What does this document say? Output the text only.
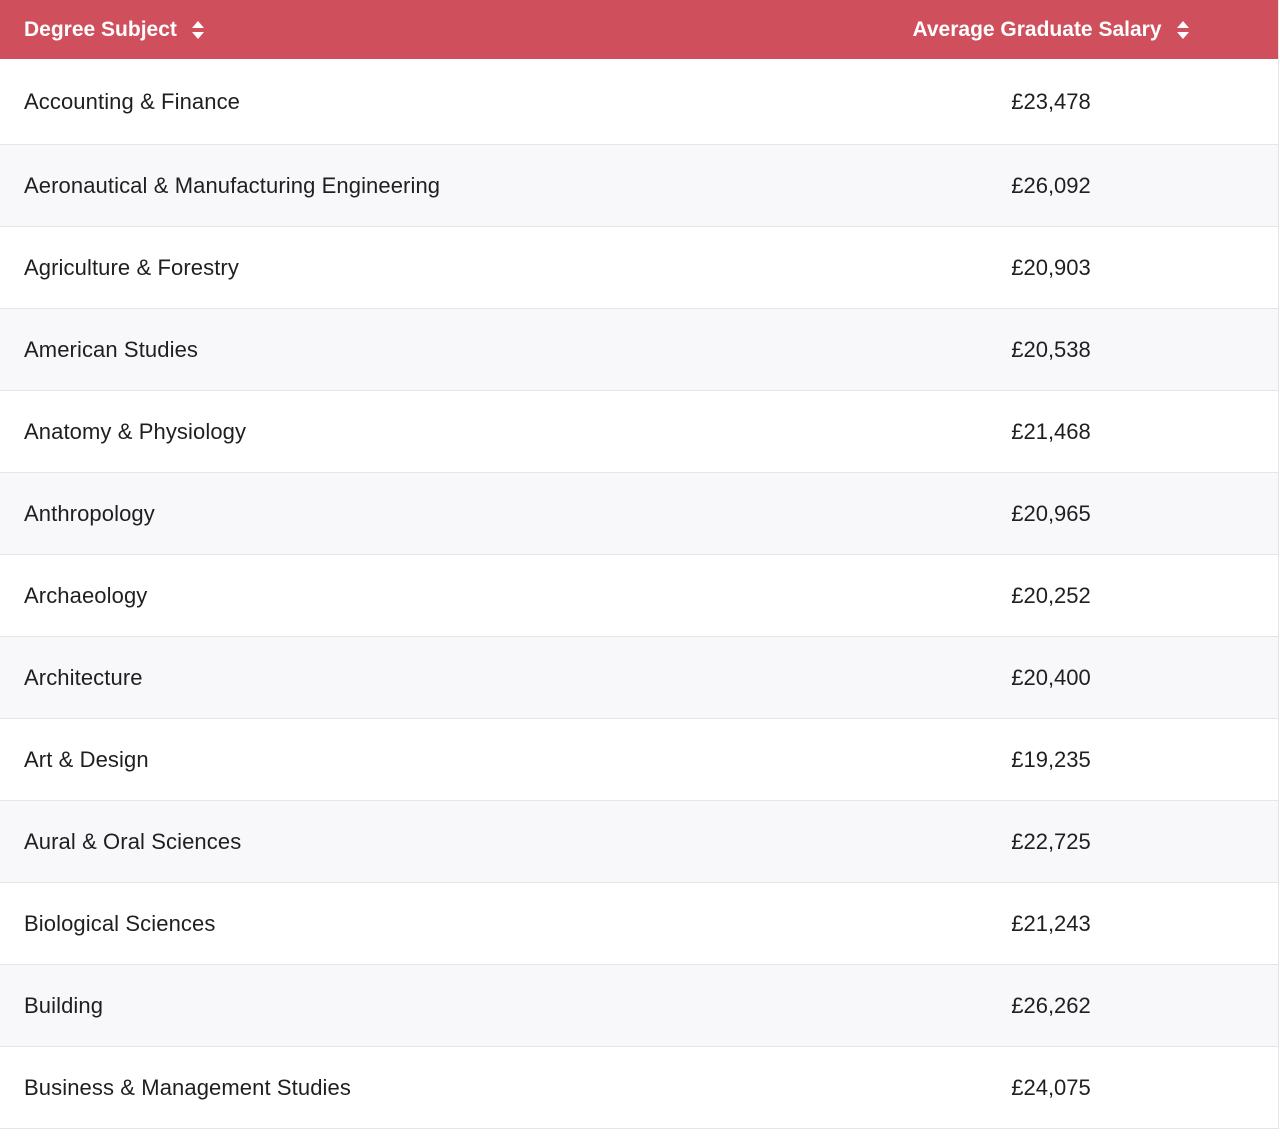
Degree Subject	Average Graduate Salary
Accounting & Finance	£23,478
Aeronautical & Manufacturing Engineering	£26,092
Agriculture & Forestry	£20,903
American Studies	£20,538
Anatomy & Physiology	£21,468
Anthropology	£20,965
Archaeology	£20,252
Architecture	£20,400
Art & Design	£19,235
Aural & Oral Sciences	£22,725
Biological Sciences	£21,243
Building	£26,262
Business & Management Studies	£24,075
